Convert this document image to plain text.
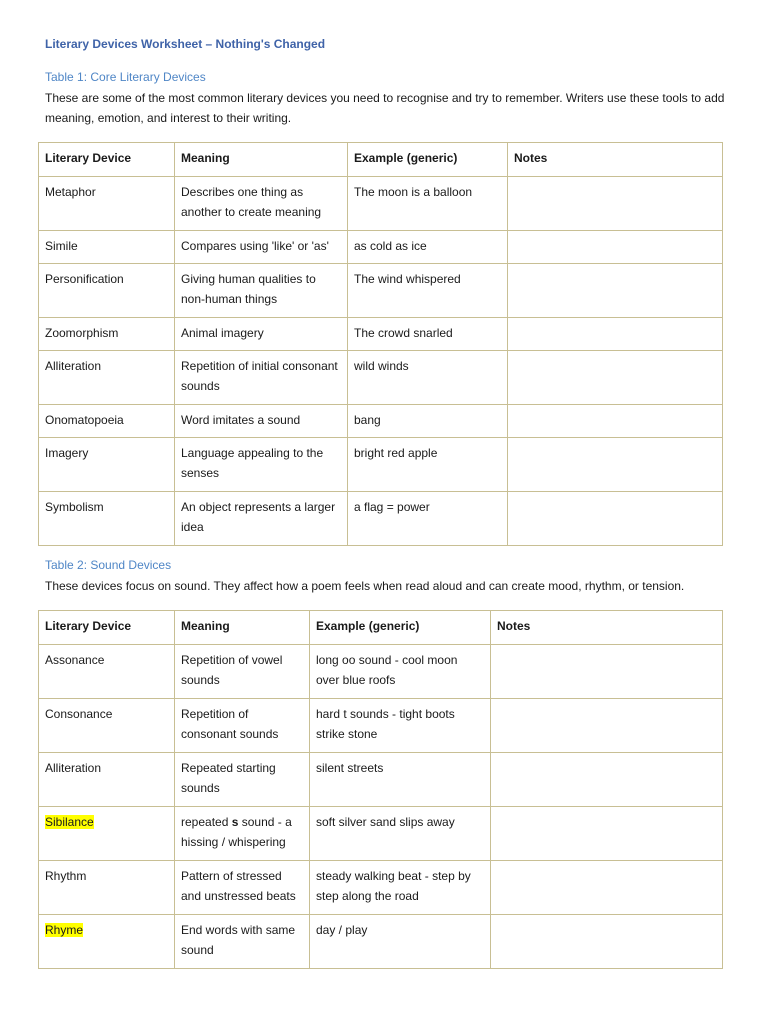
Literary Devices Worksheet – Nothing's Changed
Table 1: Core Literary Devices
These are some of the most common literary devices you need to recognise and try to remember. Writers use these tools to add meaning, emotion, and interest to their writing.
Literary Device	Meaning	Example (generic)	Notes
Metaphor	Describes one thing as another to create meaning	The moon is a balloon	
Simile	Compares using 'like' or 'as'	as cold as ice	
Personification	Giving human qualities to non-human things	The wind whispered	
Zoomorphism	Animal imagery	The crowd snarled	
Alliteration	Repetition of initial consonant sounds	wild winds	
Onomatopoeia	Word imitates a sound	bang	
Imagery	Language appealing to the senses	bright red apple	
Symbolism	An object represents a larger idea	a flag = power	
Table 2: Sound Devices
These devices focus on sound. They affect how a poem feels when read aloud and can create mood, rhythm, or tension.
Literary Device	Meaning	Example (generic)	Notes
Assonance	Repetition of vowel sounds	long oo sound - cool moon over blue roofs	
Consonance	Repetition of consonant sounds	hard t sounds - tight boots strike stone	
Alliteration	Repeated starting sounds	silent streets	
Sibilance	repeated s sound - a hissing / whispering	soft silver sand slips away	
Rhythm	Pattern of stressed and unstressed beats	steady walking beat - step by step along the road	
Rhyme	End words with same sound	day / play	
